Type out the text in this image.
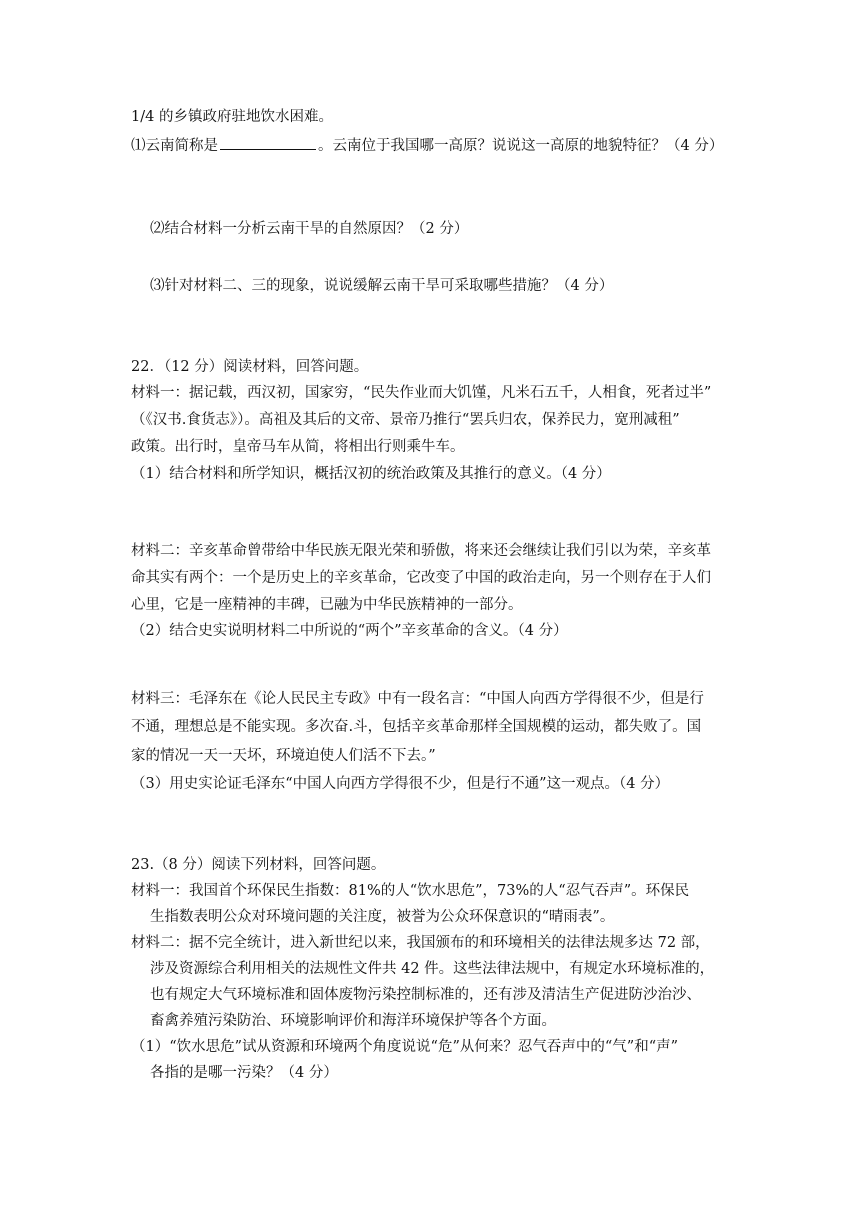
1/4 的乡镇政府驻地饮水困难。
⑴云南简称是	。云南位于我国哪一高原？说说这一高原的地貌特征？（4 分）
⑵结合材料一分析云南干旱的自然原因？（2 分）
⑶针对材料二、三的现象，说说缓解云南干旱可采取哪些措施？（4 分）
22．（12 分）阅读材料，回答问题。
材料一：据记载，西汉初，国家穷，“民失作业而大饥馑，凡米石五千，人相食，死者过半”
（《汉书.食货志》）。高祖及其后的文帝、景帝乃推行“罢兵归农，保养民力，宽刑减租”
政策。出行时，皇帝马车从简，将相出行则乘牛车。
（1）结合材料和所学知识，概括汉初的统治政策及其推行的意义。（4 分）
材料二：辛亥革命曾带给中华民族无限光荣和骄傲，将来还会继续让我们引以为荣，辛亥革
命其实有两个：一个是历史上的辛亥革命，它改变了中国的政治走向，另一个则存在于人们
心里，它是一座精神的丰碑，已融为中华民族精神的一部分。
（2）结合史实说明材料二中所说的“两个”辛亥革命的含义。（4 分）
材料三：毛泽东在《论人民民主专政》中有一段名言：“中国人向西方学得很不少，但是行
不通，理想总是不能实现。多次奋.斗，包括辛亥革命那样全国规模的运动，都失败了。国
家的情况一天一天坏，环境迫使人们活不下去。”
（3）用史实论证毛泽东“中国人向西方学得很不少，但是行不通”这一观点。（4 分）
23.（8 分）阅读下列材料，回答问题。
材料一：我国首个环保民生指数：81%的人“饮水思危”，73%的人“忍气吞声”。环保民
生指数表明公众对环境问题的关注度，被誉为公众环保意识的“晴雨表”。
材料二：据不完全统计，进入新世纪以来，我国颁布的和环境相关的法律法规多达 72 部，
涉及资源综合利用相关的法规性文件共 42 件。这些法律法规中，有规定水环境标准的，
也有规定大气环境标准和固体废物污染控制标准的，还有涉及清洁生产促进防沙治沙、
畜禽养殖污染防治、环境影响评价和海洋环境保护等各个方面。
（1）“饮水思危”试从资源和环境两个角度说说“危”从何来？忍气吞声中的“气”和“声”
各指的是哪一污染？（4 分）
